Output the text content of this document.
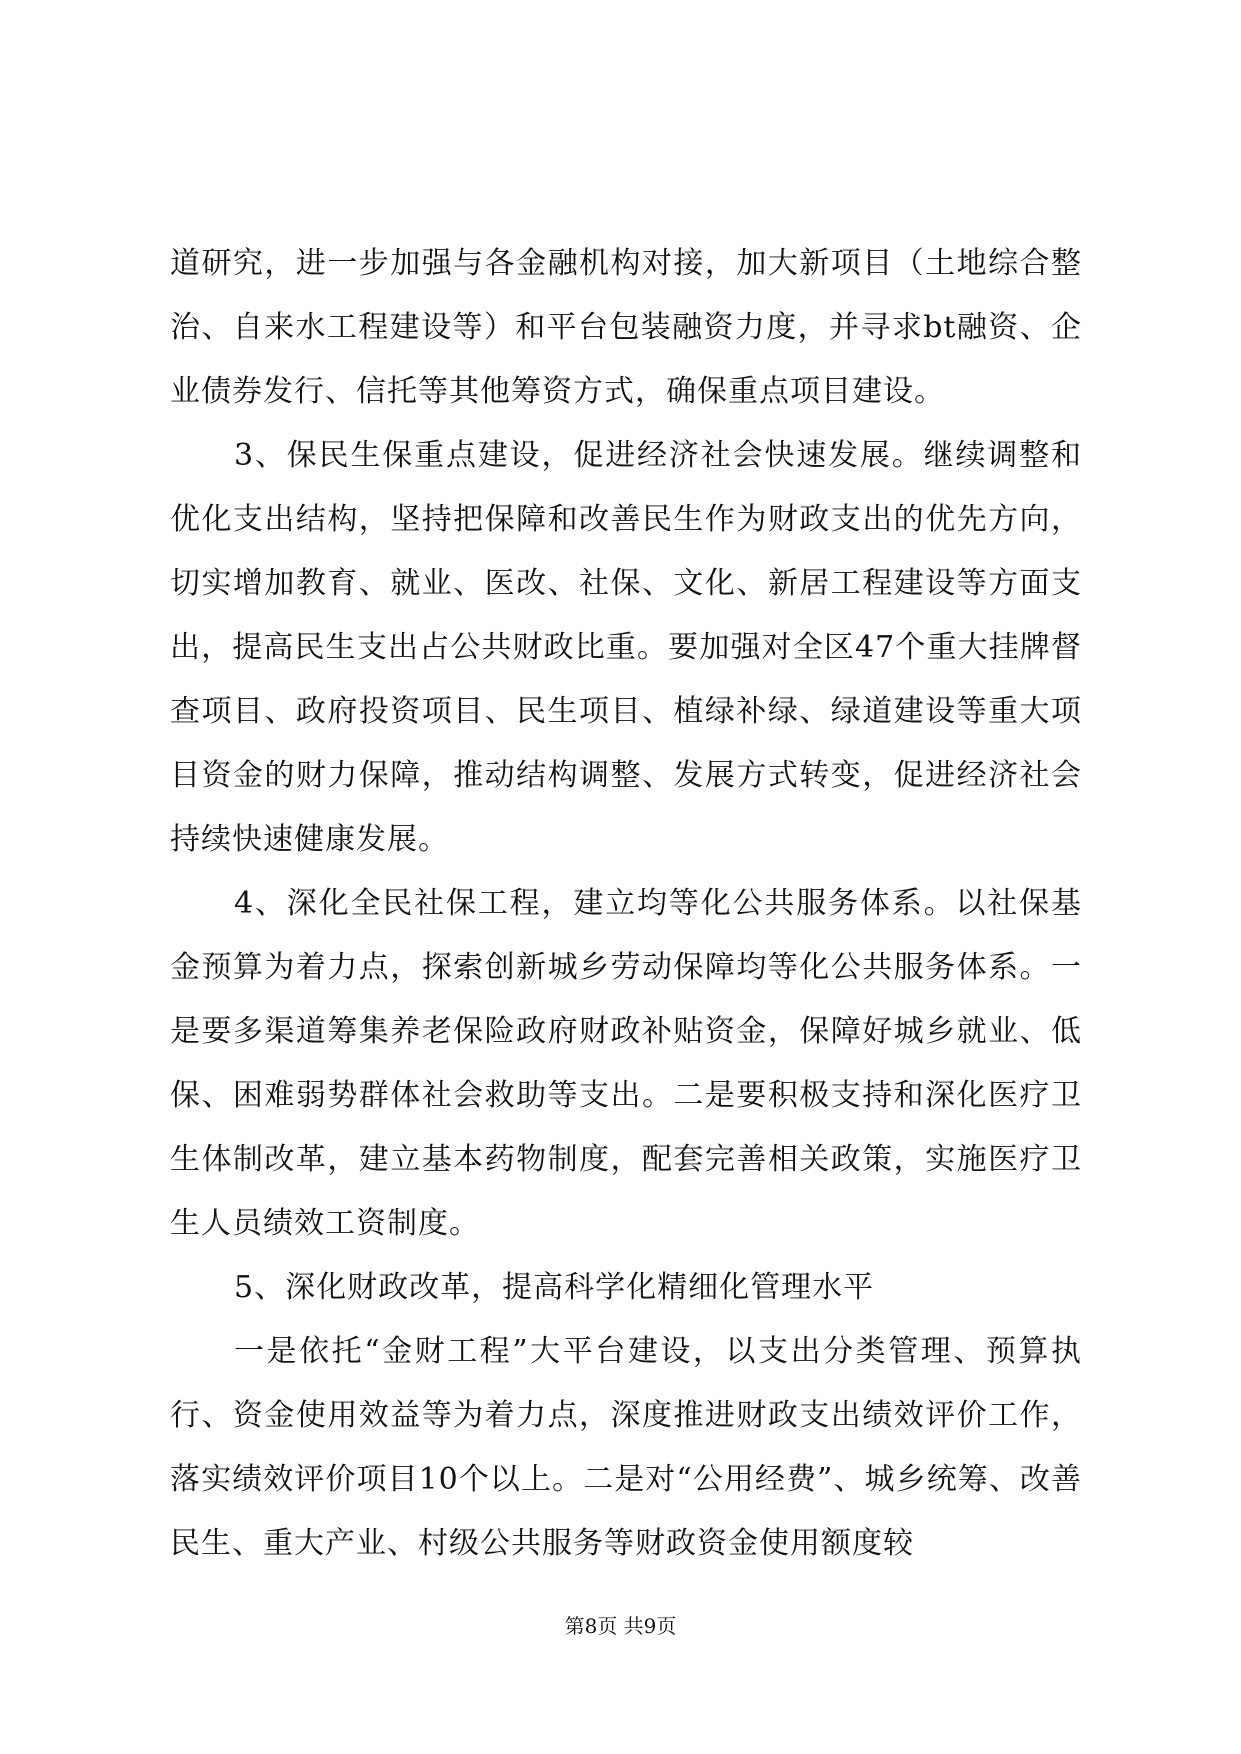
道研究，进一步加强与各金融机构对接，加大新项目（土地综合整治、自来水工程建设等）和平台包装融资力度，并寻求bt融资、企业债券发行、信托等其他筹资方式，确保重点项目建设。

3、保民生保重点建设，促进经济社会快速发展。继续调整和优化支出结构，坚持把保障和改善民生作为财政支出的优先方向，切实增加教育、就业、医改、社保、文化、新居工程建设等方面支出，提高民生支出占公共财政比重。要加强对全区47个重大挂牌督查项目、政府投资项目、民生项目、植绿补绿、绿道建设等重大项目资金的财力保障，推动结构调整、发展方式转变，促进经济社会持续快速健康发展。

4、深化全民社保工程，建立均等化公共服务体系。以社保基金预算为着力点，探索创新城乡劳动保障均等化公共服务体系。一是要多渠道筹集养老保险政府财政补贴资金，保障好城乡就业、低保、困难弱势群体社会救助等支出。二是要积极支持和深化医疗卫生体制改革，建立基本药物制度，配套完善相关政策，实施医疗卫生人员绩效工资制度。

5、深化财政改革，提高科学化精细化管理水平

一是依托“金财工程”大平台建设，以支出分类管理、预算执行、资金使用效益等为着力点，深度推进财政支出绩效评价工作，落实绩效评价项目10个以上。二是对“公用经费”、城乡统筹、改善民生、重大产业、村级公共服务等财政资金使用额度较

第8页 共9页
